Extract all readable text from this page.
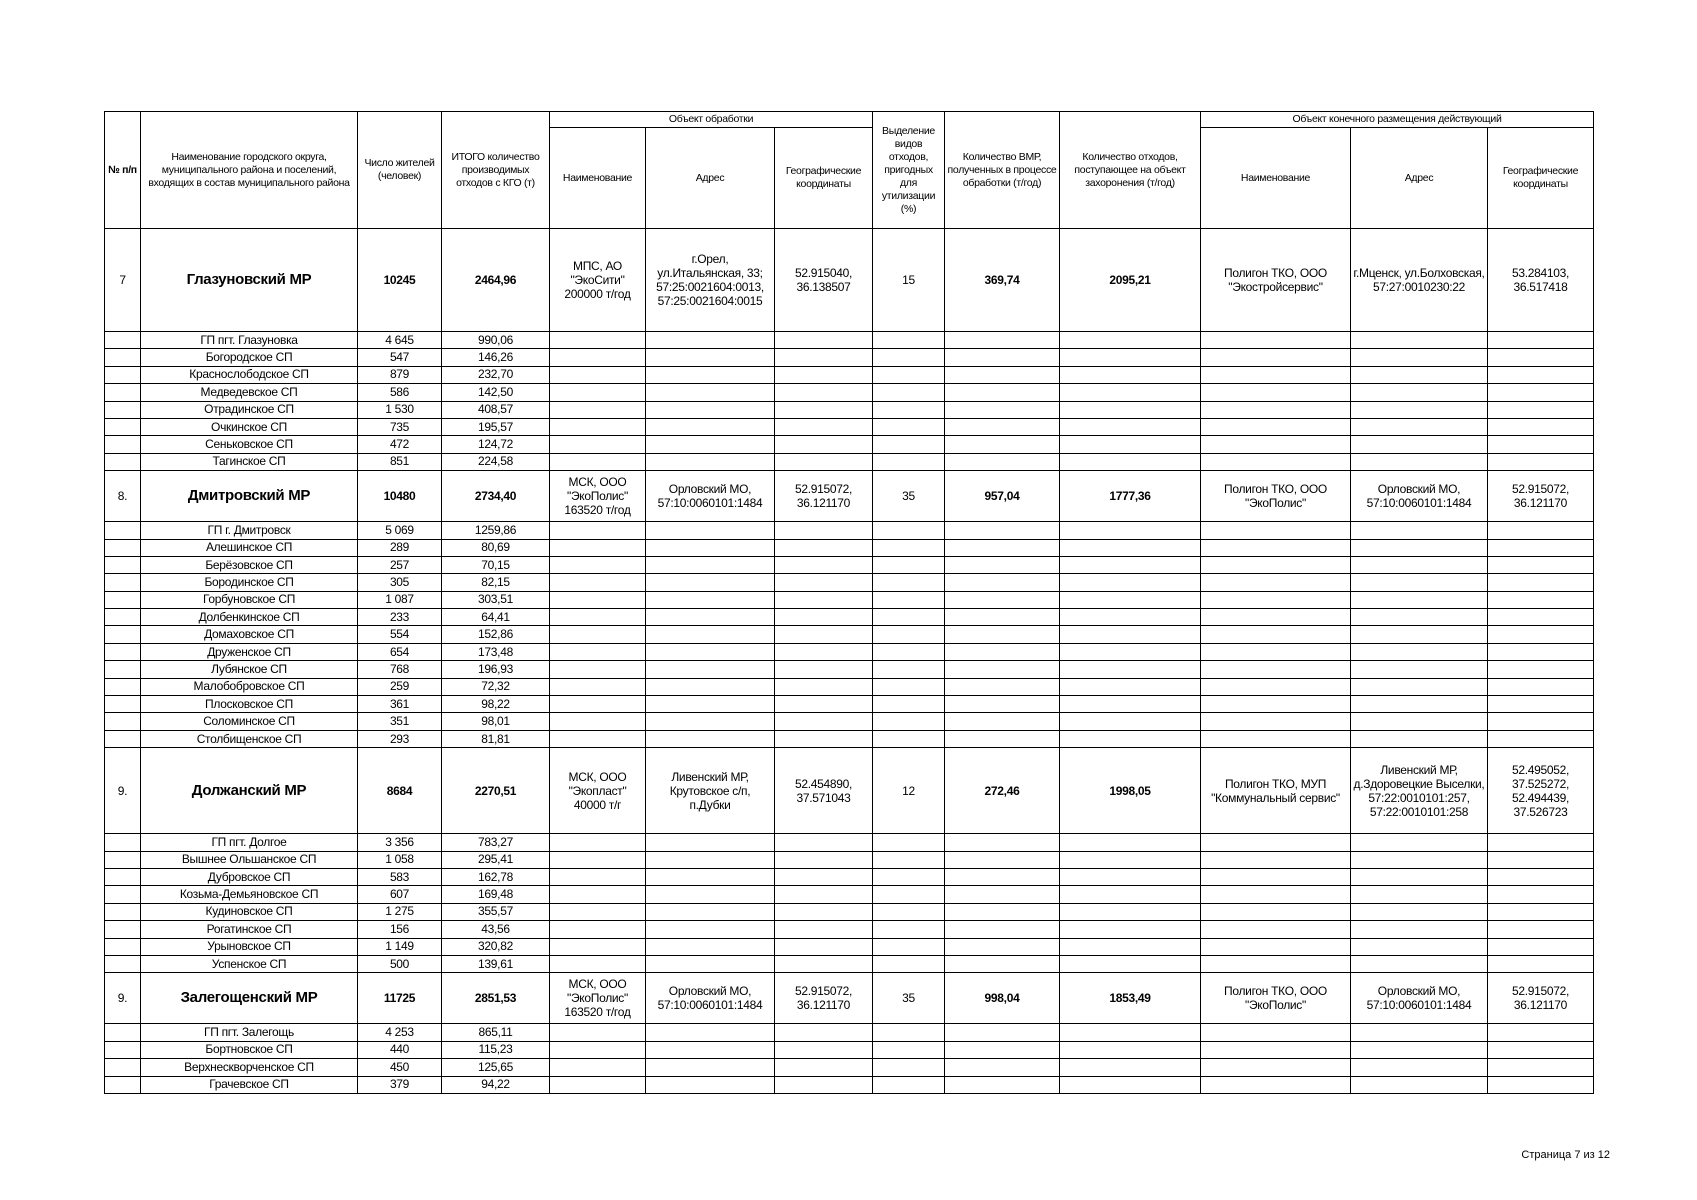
№ п/п	Наименование городского округа, муниципального района и поселений, входящих в состав муниципального района	Число жителей (человек)	ИТОГО количество производимых отходов с КГО (т)	Объект обработки			Выделение видов отходов, пригодных для утилизации (%)	Количество ВМР, полученных в процессе обработки (т/год)	Количество отходов, поступающее на объект захоронения (т/год)	Объект конечного размещения действующий		
				Наименование	Адрес	Географические координаты				Наименование	Адрес	Географические координаты
7	Глазуновский МР	10245	2464,96	МПС, АО "ЭкоСити" 200000 т/год	г.Орел, ул.Итальянская, 33; 57:25:0021604:0013, 57:25:0021604:0015	52.915040, 36.138507	15	369,74	2095,21	Полигон ТКО, ООО "Экостройсервис"	г.Мценск, ул.Болховская, 57:27:0010230:22	53.284103, 36.517418
	ГП пгт. Глазуновка	4 645	990,06									
	Богородское СП	547	146,26									
	Краснослободское СП	879	232,70									
	Медведевское СП	586	142,50									
	Отрадинское СП	1 530	408,57									
	Очкинское СП	735	195,57									
	Сеньковское СП	472	124,72									
	Тагинское СП	851	224,58									
8.	Дмитровский МР	10480	2734,40	МСК, ООО "ЭкоПолис" 163520 т/год	Орловский МО, 57:10:0060101:1484	52.915072, 36.121170	35	957,04	1777,36	Полигон ТКО, ООО "ЭкоПолис"	Орловский МО, 57:10:0060101:1484	52.915072, 36.121170
	ГП г. Дмитровск	5 069	1259,86									
	Алешинское СП	289	80,69									
	Берёзовское СП	257	70,15									
	Бородинское СП	305	82,15									
	Горбуновское СП	1 087	303,51									
	Долбенкинское СП	233	64,41									
	Домаховское СП	554	152,86									
	Друженское СП	654	173,48									
	Лубянское СП	768	196,93									
	Малобобровское СП	259	72,32									
	Плосковское СП	361	98,22									
	Соломинское СП	351	98,01									
	Столбищенское СП	293	81,81									
9.	Должанский МР	8684	2270,51	МСК, ООО "Экопласт" 40000 т/г	Ливенский МР, Крутовское с/п, п.Дубки	52.454890, 37.571043	12	272,46	1998,05	Полигон ТКО, МУП "Коммунальный сервис"	Ливенский МР, д.Здоровецкие Выселки, 57:22:0010101:257, 57:22:0010101:258	52.495052, 37.525272, 52.494439, 37.526723
	ГП пгт. Долгое	3 356	783,27									
	Вышнее Ольшанское СП	1 058	295,41									
	Дубровское СП	583	162,78									
	Козьма-Демьяновское СП	607	169,48									
	Кудиновское СП	1 275	355,57									
	Рогатинское СП	156	43,56									
	Урыновское СП	1 149	320,82									
	Успенское СП	500	139,61									
9.	Залегощенский МР	11725	2851,53	МСК, ООО "ЭкоПолис" 163520 т/год	Орловский МО, 57:10:0060101:1484	52.915072, 36.121170	35	998,04	1853,49	Полигон ТКО, ООО "ЭкоПолис"	Орловский МО, 57:10:0060101:1484	52.915072, 36.121170
	ГП пгт. Залегощь	4 253	865,11									
	Бортновское СП	440	115,23									
	Верхнескворченское СП	450	125,65									
	Грачевское СП	379	94,22									
Страница 7 из 12
